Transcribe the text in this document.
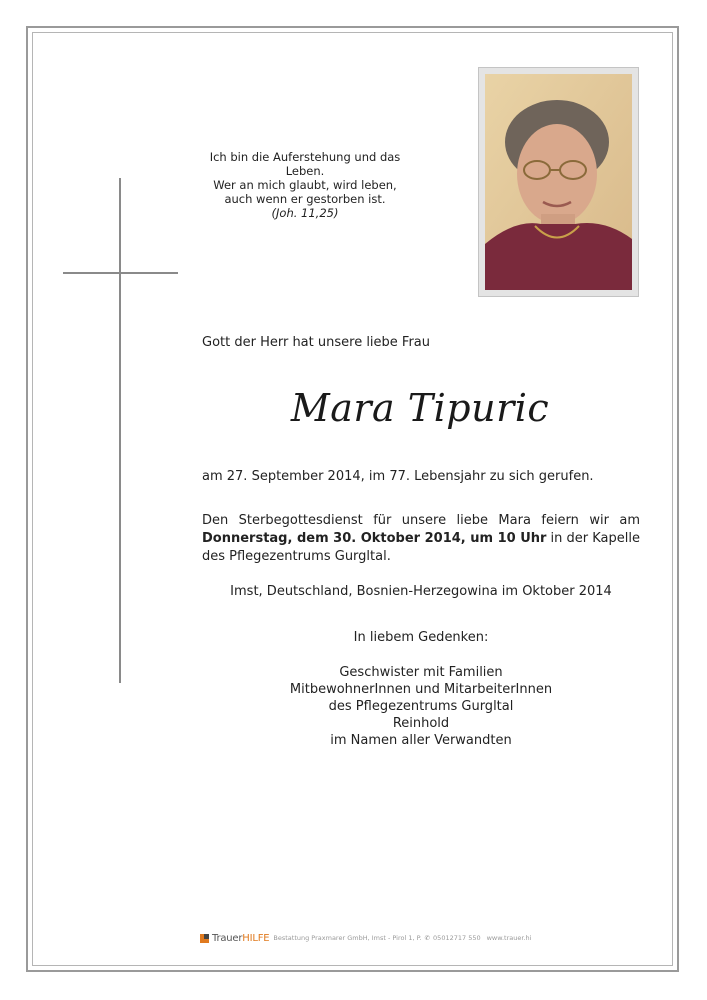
Ich bin die Auferstehung und das Leben.
Wer an mich glaubt, wird leben,
auch wenn er gestorben ist.
(Joh. 11,25)
Gott der Herr hat unsere liebe Frau
Mara Tipuric
am 27. September 2014, im 77. Lebensjahr zu sich gerufen.
Den Sterbegottesdienst für unsere liebe Mara feiern wir am Donnerstag, dem 30. Oktober 2014, um 10 Uhr in der Kapelle des Pflegezentrums Gurgltal.
Imst, Deutschland, Bosnien-Herzegowina im Oktober 2014
In liebem Gedenken:
Geschwister mit Familien
MitbewohnerInnen und MitarbeiterInnen
des Pflegezentrums Gurgltal
Reinhold
im Namen aller Verwandten
TrauerHILFE Bestattung Praxmarer GmbH, Imst - Pirol 1, P. ✆ 05012717 550 www.trauer.hi
